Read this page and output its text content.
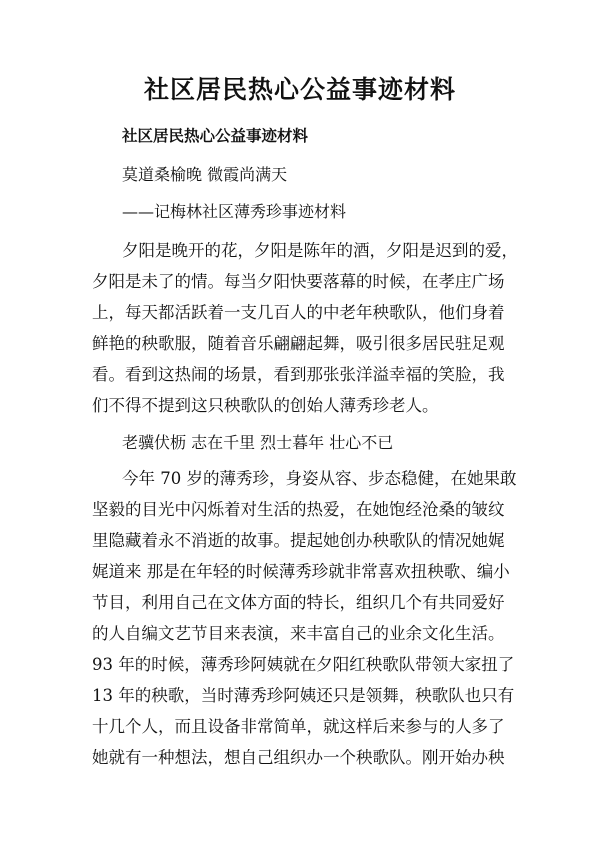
社区居民热心公益事迹材料

社区居民热心公益事迹材料

莫道桑榆晚 微霞尚满天

——记梅林社区薄秀珍事迹材料

夕阳是晚开的花，夕阳是陈年的酒，夕阳是迟到的爱，
夕阳是未了的情。每当夕阳快要落幕的时候，在孝庄广场
上，每天都活跃着一支几百人的中老年秧歌队，他们身着
鲜艳的秧歌服，随着音乐翩翩起舞，吸引很多居民驻足观
看。看到这热闹的场景，看到那张张洋溢幸福的笑脸，我
们不得不提到这只秧歌队的创始人薄秀珍老人。

老骥伏枥 志在千里 烈士暮年 壮心不已

今年 70 岁的薄秀珍，身姿从容、步态稳健，在她果敢
坚毅的目光中闪烁着对生活的热爱，在她饱经沧桑的皱纹
里隐藏着永不消逝的故事。提起她创办秧歌队的情况她娓
娓道来 那是在年轻的时候薄秀珍就非常喜欢扭秧歌、编小
节目，利用自己在文体方面的特长，组织几个有共同爱好
的人自编文艺节目来表演，来丰富自己的业余文化生活。
93 年的时候，薄秀珍阿姨就在夕阳红秧歌队带领大家扭了
13 年的秧歌，当时薄秀珍阿姨还只是领舞，秧歌队也只有
十几个人，而且设备非常简单，就这样后来参与的人多了
她就有一种想法，想自己组织办一个秧歌队。刚开始办秧
